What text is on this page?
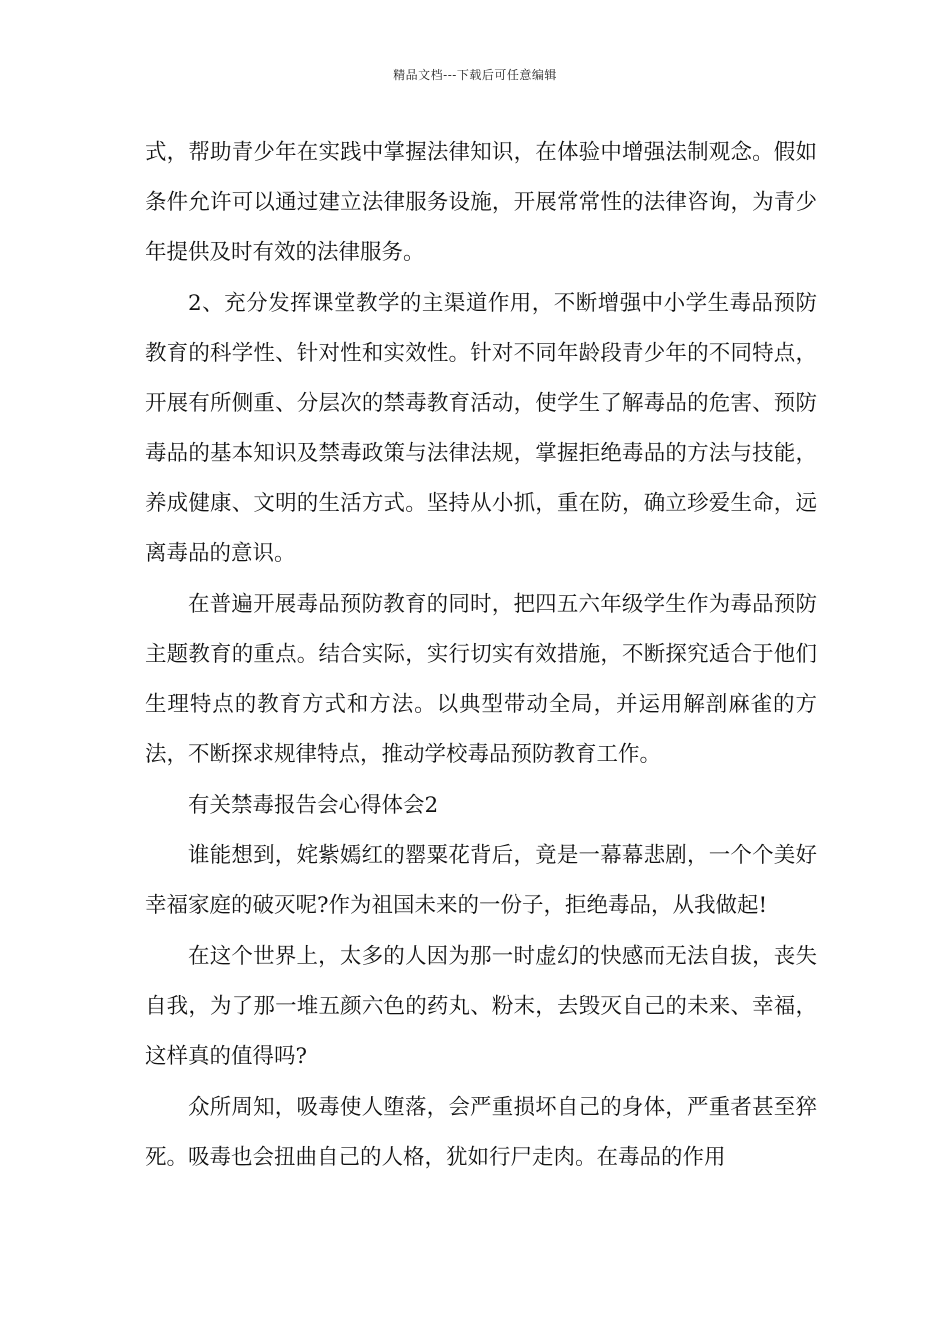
精品文档---下载后可任意编辑

式，帮助青少年在实践中掌握法律知识，在体验中增强法制观念。假如条件允许可以通过建立法律服务设施，开展常常性的法律咨询，为青少年提供及时有效的法律服务。

2、充分发挥课堂教学的主渠道作用，不断增强中小学生毒品预防教育的科学性、针对性和实效性。针对不同年龄段青少年的不同特点，开展有所侧重、分层次的禁毒教育活动，使学生了解毒品的危害、预防毒品的基本知识及禁毒政策与法律法规，掌握拒绝毒品的方法与技能，养成健康、文明的生活方式。坚持从小抓，重在防，确立珍爱生命，远离毒品的意识。

在普遍开展毒品预防教育的同时，把四五六年级学生作为毒品预防主题教育的重点。结合实际，实行切实有效措施，不断探究适合于他们生理特点的教育方式和方法。以典型带动全局，并运用解剖麻雀的方法，不断探求规律特点，推动学校毒品预防教育工作。

有关禁毒报告会心得体会2

谁能想到，姹紫嫣红的罂粟花背后，竟是一幕幕悲剧，一个个美好幸福家庭的破灭呢?作为祖国未来的一份子，拒绝毒品，从我做起!

在这个世界上，太多的人因为那一时虚幻的快感而无法自拔，丧失自我，为了那一堆五颜六色的药丸、粉末，去毁灭自己的未来、幸福，这样真的值得吗?

众所周知，吸毒使人堕落，会严重损坏自己的身体，严重者甚至猝死。吸毒也会扭曲自己的人格，犹如行尸走肉。在毒品的作用
